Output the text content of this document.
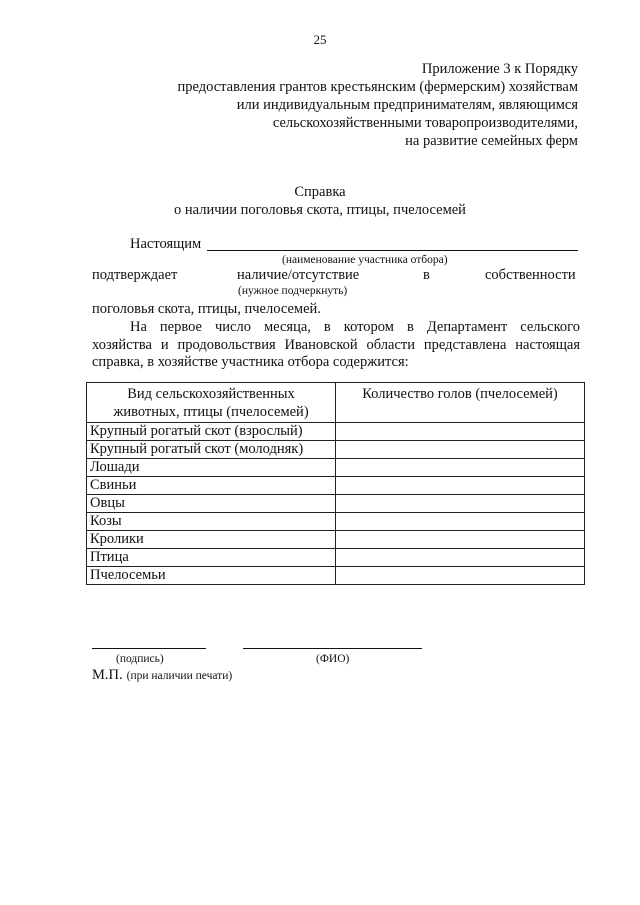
25
Приложение 3 к Порядку
предоставления грантов крестьянским (фермерским) хозяйствам
или индивидуальным предпринимателям, являющимся
сельскохозяйственными товаропроизводителями,
на развитие семейных ферм
Справка
о наличии поголовья скота, птицы, пчелосемей
Настоящим
(наименование участника отбора)
подтверждает	наличие/отсутствие	в	собственности
(нужное подчеркнуть)
поголовья скота, птицы, пчелосемей.
На первое число месяца, в котором в Департамент сельского
хозяйства и продовольствия Ивановской области представлена настоящая
справка, в хозяйстве участника отбора содержится:
Вид сельскохозяйственных
животных, птицы (пчелосемей)	Количество голов (пчелосемей)
Крупный рогатый скот (взрослый)	
Крупный рогатый скот (молодняк)	
Лошади	
Свиньи	
Овцы	
Козы	
Кролики	
Птица	
Пчелосемьи	
(подпись)	(ФИО)
М.П. (при наличии печати)
